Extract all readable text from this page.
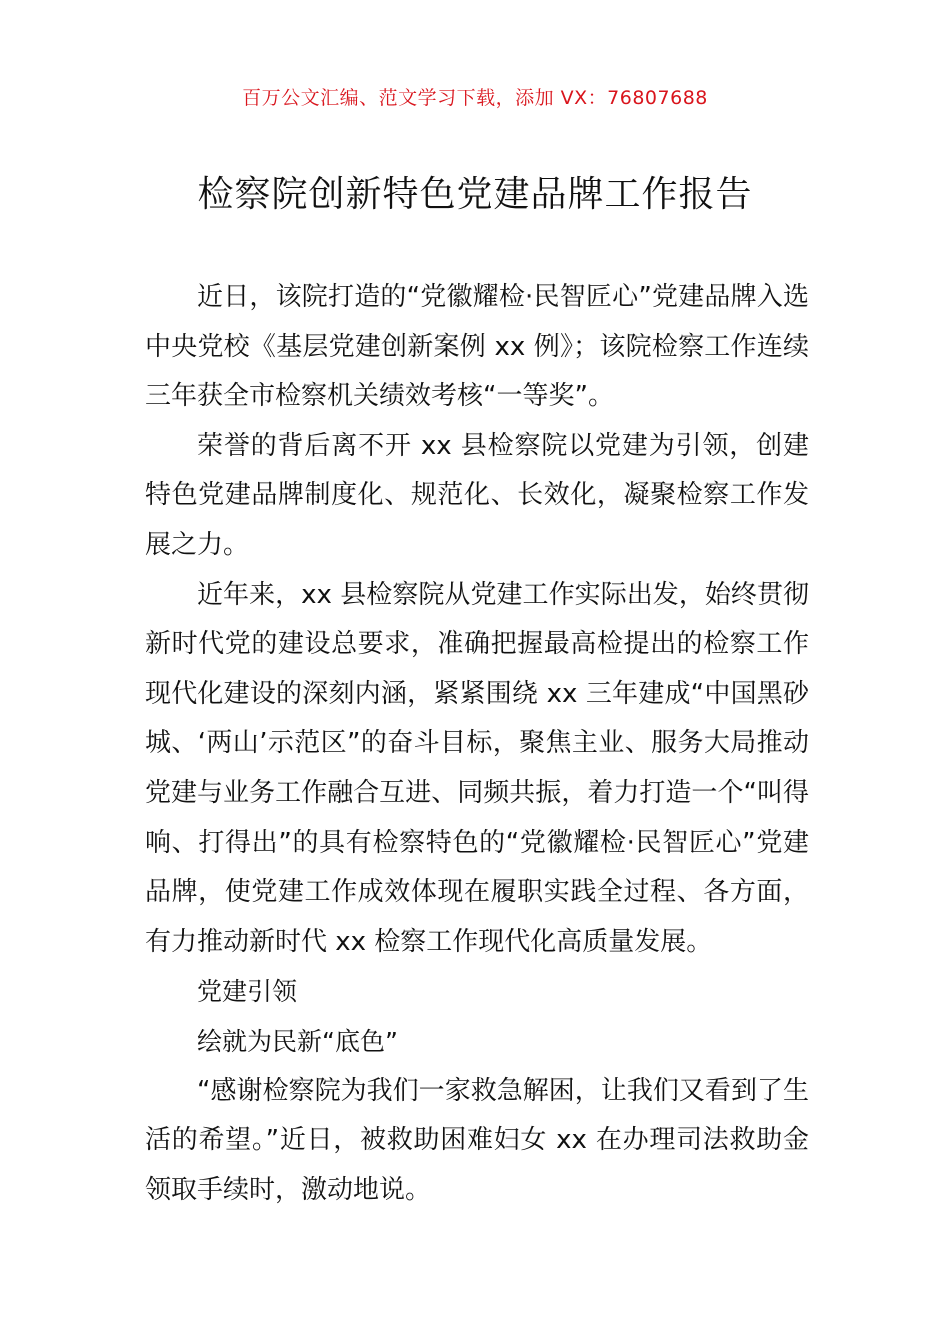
百万公文汇编、范文学习下载，添加 VX：76807688
检察院创新特色党建品牌工作报告

近日，该院打造的“党徽耀检·民智匠心”党建品牌入选中央党校《基层党建创新案例 xx 例》；该院检察工作连续三年获全市检察机关绩效考核“一等奖”。

荣誉的背后离不开 xx 县检察院以党建为引领，创建特色党建品牌制度化、规范化、长效化，凝聚检察工作发展之力。

近年来，xx 县检察院从党建工作实际出发，始终贯彻新时代党的建设总要求，准确把握最高检提出的检察工作现代化建设的深刻内涵，紧紧围绕 xx 三年建成“中国黑砂城、‘两山’示范区”的奋斗目标，聚焦主业、服务大局推动党建与业务工作融合互进、同频共振，着力打造一个“叫得响、打得出”的具有检察特色的“党徽耀检·民智匠心”党建品牌，使党建工作成效体现在履职实践全过程、各方面，有力推动新时代 xx 检察工作现代化高质量发展。

党建引领

绘就为民新“底色”

“感谢检察院为我们一家救急解困，让我们又看到了生活的希望。”近日，被救助困难妇女 xx 在办理司法救助金领取手续时，激动地说。
